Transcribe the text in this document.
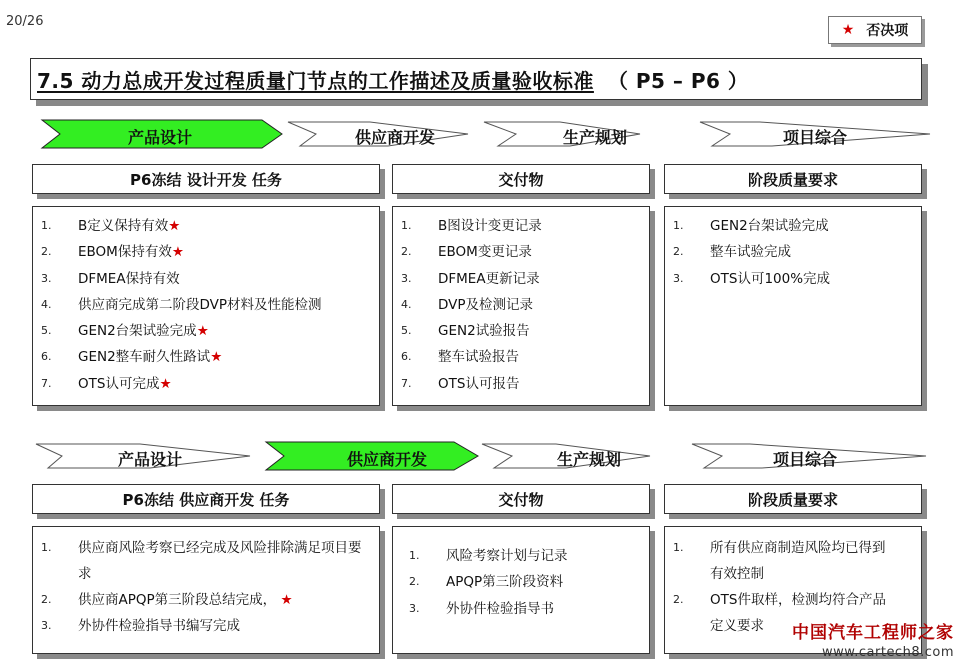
20/26
★ 否决项
7.5 动力总成开发过程质量门节点的工作描述及质量验收标准 （ P5 – P6 ）
产品设计	供应商开发	生产规划	项目综合
P6冻结 设计开发 任务	交付物	阶段质量要求
1. B定义保持有效★
2. EBOM保持有效★
3. DFMEA保持有效
4. 供应商完成第二阶段DVP材料及性能检测
5. GEN2台架试验完成★
6. GEN2整车耐久性路试★
7. OTS认可完成★
1. B图设计变更记录
2. EBOM变更记录
3. DFMEA更新记录
4. DVP及检测记录
5. GEN2试验报告
6. 整车试验报告
7. OTS认可报告
1. GEN2台架试验完成
2. 整车试验完成
3. OTS认可100%完成
产品设计	供应商开发	生产规划	项目综合
P6冻结 供应商开发 任务	交付物	阶段质量要求
1. 供应商风险考察已经完成及风险排除满足项目要求
2. 供应商APQP第三阶段总结完成， ★
3. 外协件检验指导书编写完成
1. 风险考察计划与记录
2. APQP第三阶段资料
3. 外协件检验指导书
1. 所有供应商制造风险均已得到有效控制
2. OTS件取样，检测均符合产品定义要求	中国汽车工程师之家
www.cartech8.com
